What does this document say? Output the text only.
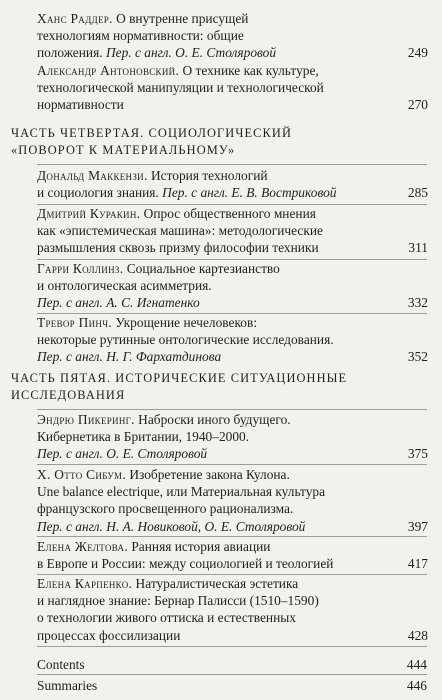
Ханс Раддер. О внутренне присущей
технологиям нормативности: общие
положения. Пер. с англ. О. Е. Столяровой	249
Александр Антоновский. О технике как культуре,
технологической манипуляции и технологической
нормативности	270
ЧАСТЬ ЧЕТВЕРТАЯ. СОЦИОЛОГИЧЕСКИЙ
«ПОВОРОТ К МАТЕРИАЛЬНОМУ»
Дональд Маккензи. История технологий
и социология знания. Пер. с англ. Е. В. Востриковой	285
Дмитрий Куракин. Опрос общественного мнения
как «эпистемическая машина»: методологические
размышления сквозь призму философии техники	311
Гарри Коллинз. Социальное картезианство
и онтологическая асимметрия.
Пер. с англ. А. С. Игнатенко	332
Тревор Пинч. Укрощение нечеловеков:
некоторые рутинные онтологические исследования.
Пер. с англ. Н. Г. Фархатдинова	352
ЧАСТЬ ПЯТАЯ. ИСТОРИЧЕСКИЕ СИТУАЦИОННЫЕ
ИССЛЕДОВАНИЯ
Эндрю Пикеринг. Наброски иного будущего.
Кибернетика в Британии, 1940–2000.
Пер. с англ. О. Е. Столяровой	375
Х. Отто Сибум. Изобретение закона Кулона.
Une balance electrique, или Материальная культура
французского просвещенного рационализма.
Пер. с англ. Н. А. Новиковой, О. Е. Столяровой	397
Елена Желтова. Ранняя история авиации
в Европе и России: между социологией и теологией	417
Елена Карпенко. Натуралистическая эстетика
и наглядное знание: Бернар Палисси (1510–1590)
о технологии живого оттиска и естественных
процессах фоссилизации	428
Contents	444
Summaries	446
